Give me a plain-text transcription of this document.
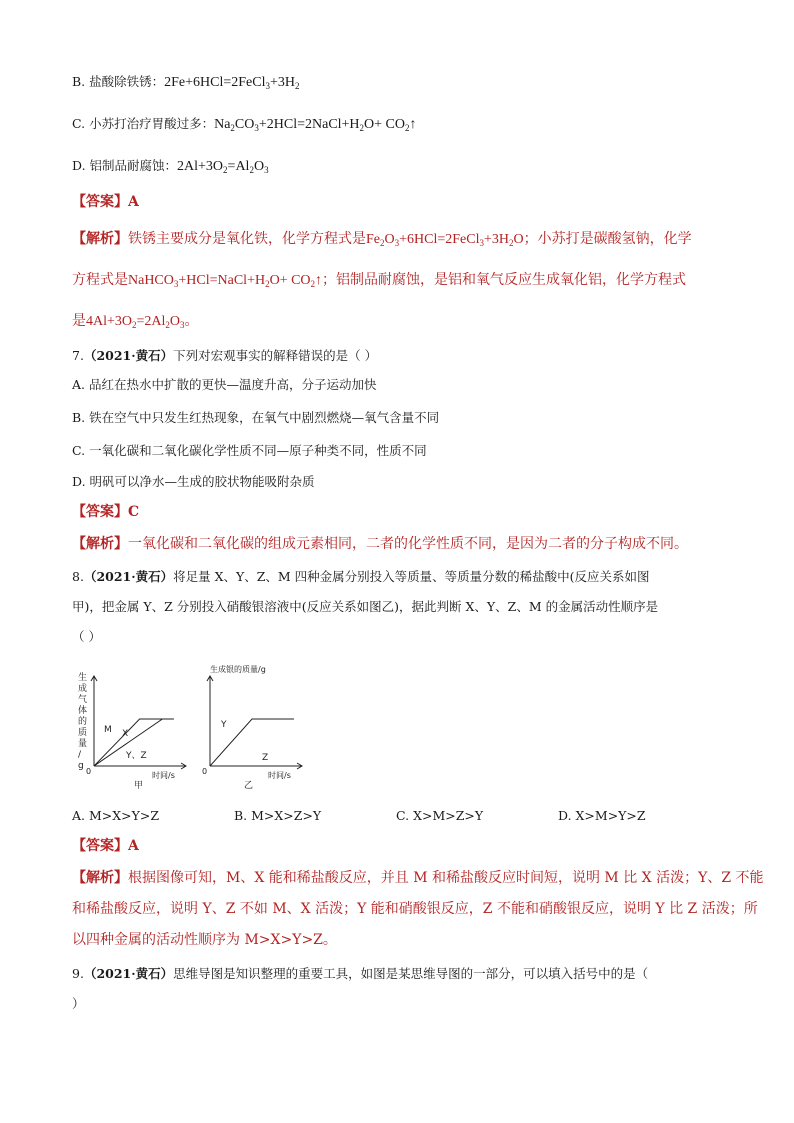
B. 盐酸除铁锈：$2Fe+6HCl=2FeCl_3+3H_2$
C. 小苏打治疗胃酸过多：$Na_2CO_3+2HCl=2NaCl+H_2O+$ $CO_2↑$
D. 铝制品耐腐蚀：$2Al+3O_2=Al_2O_3$
【答案】A
【解析】铁锈主要成分是氧化铁，化学方程式是$Fe_2O_3+6HCl=2FeCl_3+3H_2O$；小苏打是碳酸氢钠，化学
方程式是$NaHCO_3+HCl=NaCl+H_2O+$ $CO_2↑$；铝制品耐腐蚀，是铝和氧气反应生成氧化铝，化学方程式
是$4Al+3O_2=2Al_2O_3$。
7.（2021·黄石）下列对宏观事实的解释错误的是（ ）
A. 品红在热水中扩散的更快—温度升高，分子运动加快
B. 铁在空气中只发生红热现象，在氧气中剧烈燃烧—氧气含量不同
C. 一氧化碳和二氧化碳化学性质不同—原子种类不同，性质不同
D. 明矾可以净水—生成的胶状物能吸附杂质
【答案】C
【解析】一氧化碳和二氧化碳的组成元素相同，二者的化学性质不同，是因为二者的分子构成不同。
8.（2021·黄石）将足量 X、Y、Z、M 四种金属分别投入等质量、等质量分数的稀盐酸中(反应关系如图
甲)，把金属 Y、Z 分别投入硝酸银溶液中(反应关系如图乙)，据此判断 X、Y、Z、M 的金属活动性顺序是
（ ）
生
成
气
体
的
质
量
/
g
时间/s
0
甲
M X
Y、Z
生成银的质量/g
时间/s
0
乙
Y
Z
A. M>X>Y>Z	B. M>X>Z>Y	C. X>M>Z>Y	D. X>M>Y>Z
【答案】A
【解析】根据图像可知，M、X 能和稀盐酸反应，并且 M 和稀盐酸反应时间短，说明 M 比 X 活泼；Y、Z 不能
和稀盐酸反应，说明 Y、Z 不如 M、X 活泼；Y 能和硝酸银反应，Z 不能和硝酸银反应，说明 Y 比 Z 活泼；所
以四种金属的活动性顺序为 M>X>Y>Z。
9.（2021·黄石）思维导图是知识整理的重要工具，如图是某思维导图的一部分，可以填入括号中的是（
）
